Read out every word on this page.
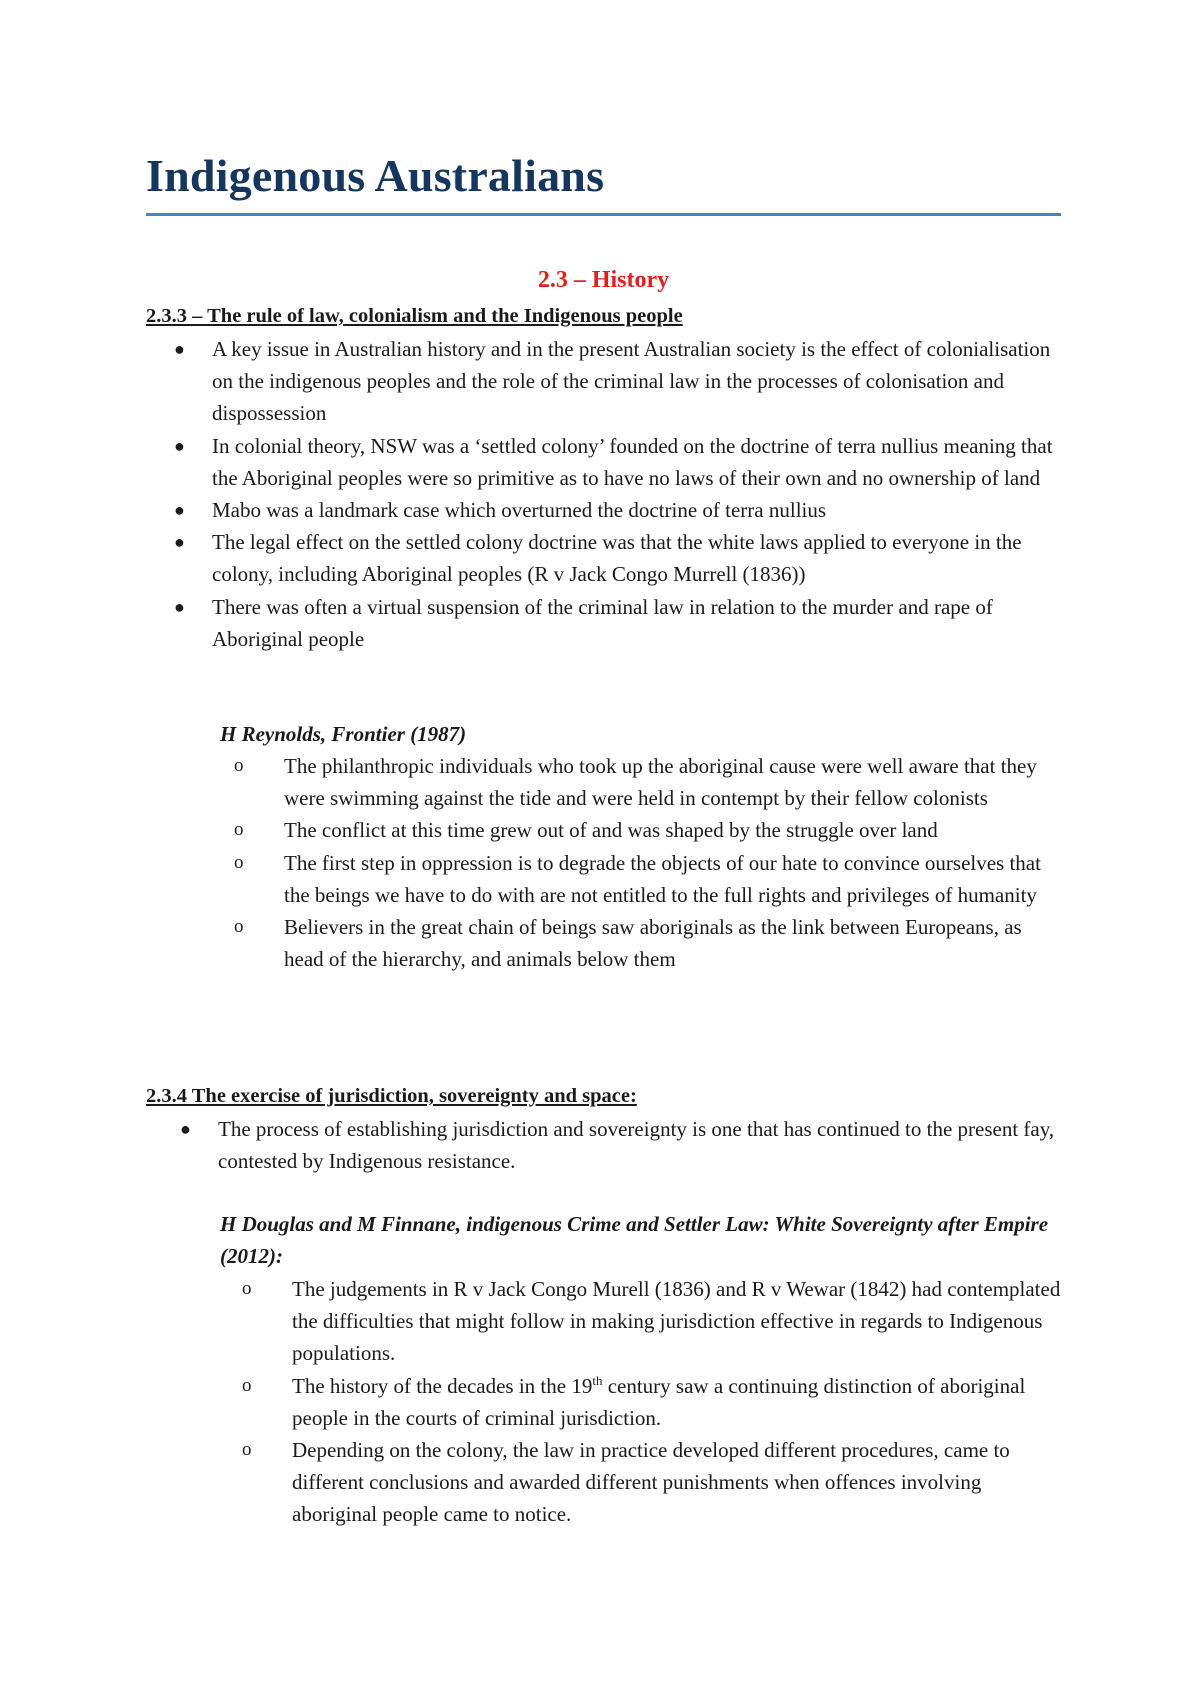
Indigenous Australians
2.3 – History
2.3.3 – The rule of law, colonialism and the Indigenous people
● A key issue in Australian history and in the present Australian society is the effect of colonialisation on the indigenous peoples and the role of the criminal law in the processes of colonisation and dispossession
● In colonial theory, NSW was a ‘settled colony’ founded on the doctrine of terra nullius meaning that the Aboriginal peoples were so primitive as to have no laws of their own and no ownership of land
● Mabo was a landmark case which overturned the doctrine of terra nullius
● The legal effect on the settled colony doctrine was that the white laws applied to everyone in the colony, including Aboriginal peoples (R v Jack Congo Murrell (1836))
● There was often a virtual suspension of the criminal law in relation to the murder and rape of Aboriginal people

H Reynolds, Frontier (1987)

o The philanthropic individuals who took up the aboriginal cause were well aware that they were swimming against the tide and were held in contempt by their fellow colonists
o The conflict at this time grew out of and was shaped by the struggle over land
o The first step in oppression is to degrade the objects of our hate to convince ourselves that the beings we have to do with are not entitled to the full rights and privileges of humanity
o Believers in the great chain of beings saw aboriginals as the link between Europeans, as head of the hierarchy, and animals below them
2.3.4 The exercise of jurisdiction, sovereignty and space:
● The process of establishing jurisdiction and sovereignty is one that has continued to the present fay, contested by Indigenous resistance.

H Douglas and M Finnane, indigenous Crime and Settler Law: White Sovereignty after Empire (2012):

o The judgements in R v Jack Congo Murell (1836) and R v Wewar (1842) had contemplated the difficulties that might follow in making jurisdiction effective in regards to Indigenous populations.
o The history of the decades in the 19th century saw a continuing distinction of aboriginal people in the courts of criminal jurisdiction.
o Depending on the colony, the law in practice developed different procedures, came to different conclusions and awarded different punishments when offences involving aboriginal people came to notice.
